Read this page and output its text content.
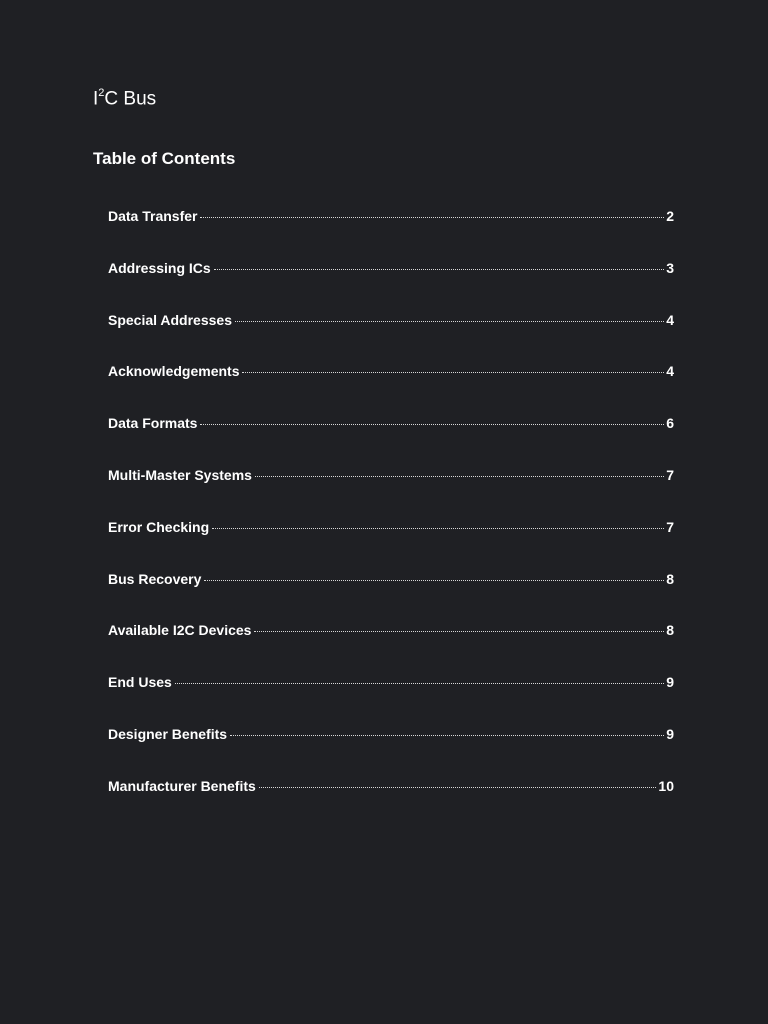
$I^2C$ Bus
Table of Contents
Data Transfer	2
Addressing ICs	3
Special Addresses	4
Acknowledgements	4
Data Formats	6
Multi-Master Systems	7
Error Checking	7
Bus Recovery	8
Available I2C Devices	8
End Uses	9
Designer Benefits	9
Manufacturer Benefits	10
